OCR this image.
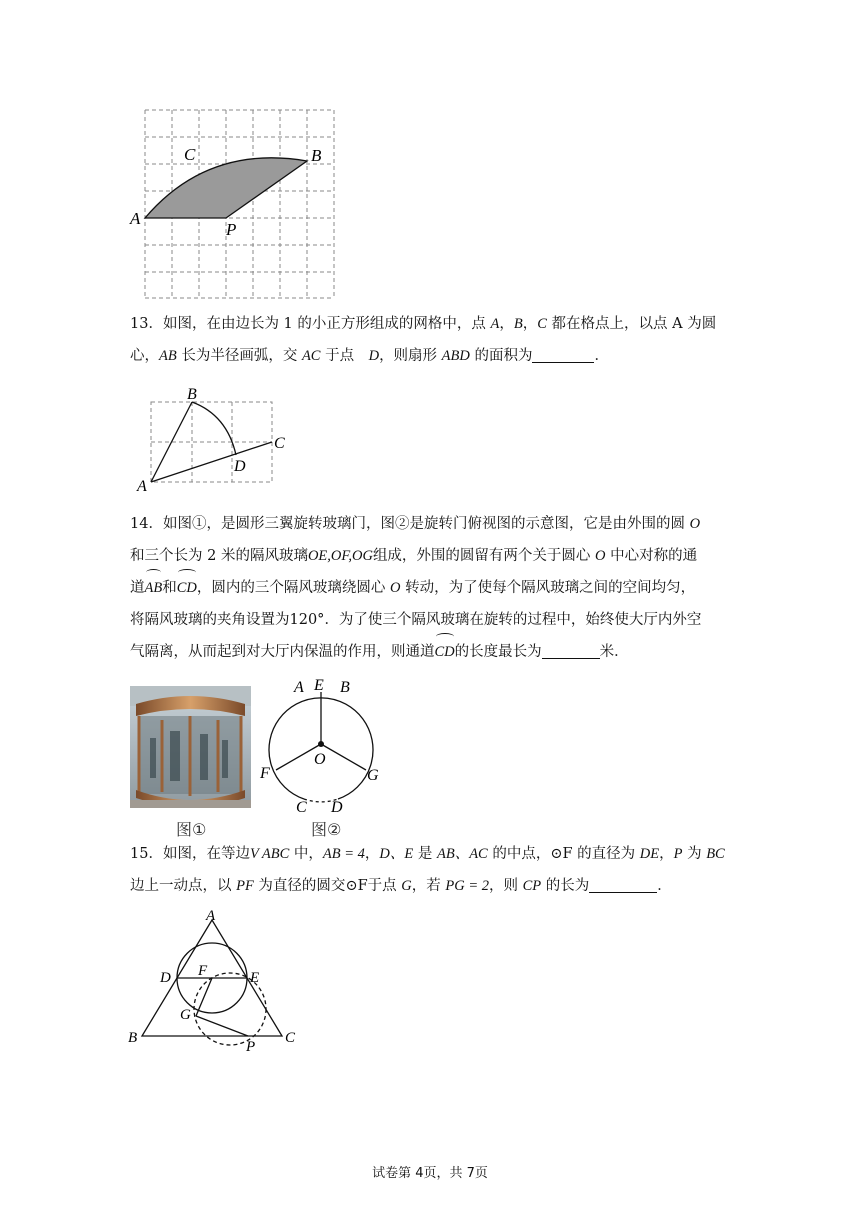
A
C	B
P
13．如图，在由边长为 1 的小正方形组成的网格中，点 A，B，C 都在格点上，以点 A 为圆
心，AB 长为半径画弧，交 AC 于点　D，则扇形 ABD 的面积为	．
B
C
D
A
14．如图①，是圆形三翼旋转玻璃门，图②是旋转门俯视图的示意图，它是由外围的圆 O
和三个长为 2 米的隔风玻璃OE,OF,OG组成，外围的圆留有两个关于圆心 O 中心对称的通
道AB和CD，圆内的三个隔风玻璃绕圆心 O 转动，为了使每个隔风玻璃之间的空间均匀，
将隔风玻璃的夹角设置为120°．为了使三个隔风玻璃在旋转的过程中，始终使大厅内外空
气隔离，从而起到对大厅内保温的作用，则通道CD的长度最长为	米．
图①
A E B
O
F	G
C D
图②
15．如图，在等边V ABC 中，AB = 4，D、E 是 AB、AC 的中点，⊙F 的直径为 DE，P 为 BC
边上一动点，以 PF 为直径的圆交⊙F于点 G，若 PG = 2，则 CP 的长为	．
A
D F	E
G
B	C
P
试卷第 4页，共 7页
